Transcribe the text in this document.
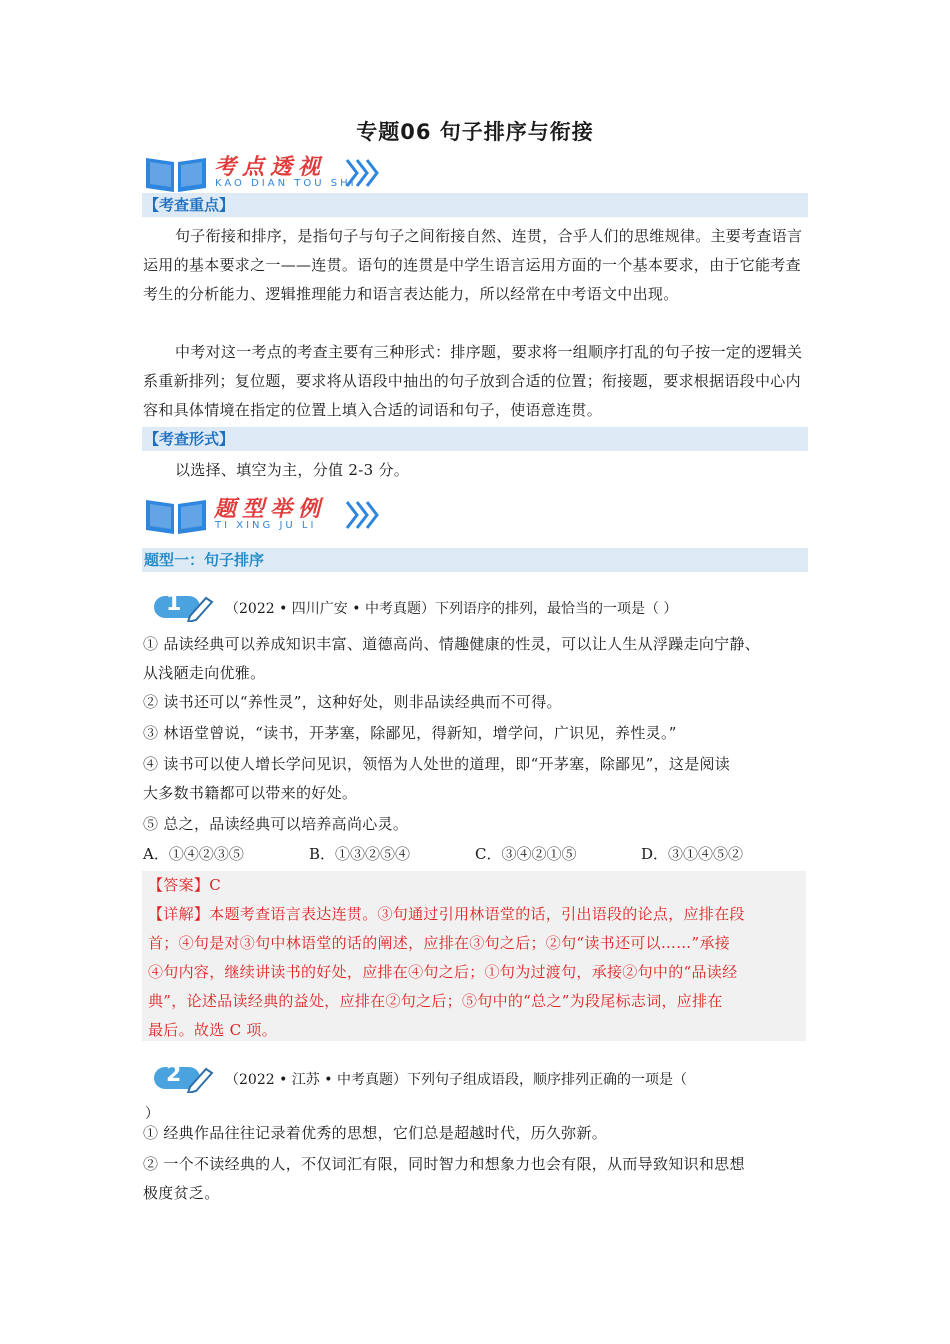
专题06 句子排序与衔接
考点透视
KAO DIAN TOU SHI
【考查重点】
句子衔接和排序，是指句子与句子之间衔接自然、连贯，合乎人们的思维规律。主要考查语言运用的基本要求之一——连贯。语句的连贯是中学生语言运用方面的一个基本要求，由于它能考查考生的分析能力、逻辑推理能力和语言表达能力，所以经常在中考语文中出现。
中考对这一考点的考查主要有三种形式：排序题，要求将一组顺序打乱的句子按一定的逻辑关系重新排列；复位题，要求将从语段中抽出的句子放到合适的位置；衔接题，要求根据语段中心内容和具体情境在指定的位置上填入合适的词语和句子，使语意连贯。
【考查形式】
以选择、填空为主，分值 2-3 分。
题型举例
TI XING JU LI
题型一：句子排序
1	（2022 • 四川广安 • 中考真题）下列语序的排列，最恰当的一项是（ ）
① 品读经典可以养成知识丰富、道德高尚、情趣健康的性灵，可以让人生从浮躁走向宁静、
从浅陋走向优雅。
② 读书还可以“养性灵”，这种好处，则非品读经典而不可得。
③ 林语堂曾说，“读书，开茅塞，除鄙见，得新知，增学问，广识见，养性灵。”
④ 读书可以使人增长学问见识，领悟为人处世的道理，即“开茅塞，除鄙见”，这是阅读
大多数书籍都可以带来的好处。
⑤ 总之，品读经典可以培养高尚心灵。
A．①④②③⑤	B．①③②⑤④	C．③④②①⑤	D．③①④⑤②
【答案】C
【详解】本题考查语言表达连贯。③句通过引用林语堂的话，引出语段的论点，应排在段
首；④句是对③句中林语堂的话的阐述，应排在③句之后；②句“读书还可以……”承接
④句内容，继续讲读书的好处，应排在④句之后；①句为过渡句，承接②句中的“品读经
典”，论述品读经典的益处，应排在②句之后；⑤句中的“总之”为段尾标志词，应排在
最后。故选 C 项。
2	（2022 • 江苏 • 中考真题）下列句子组成语段，顺序排列正确的一项是（
）
① 经典作品往往记录着优秀的思想，它们总是超越时代，历久弥新。
② 一个不读经典的人，不仅词汇有限，同时智力和想象力也会有限，从而导致知识和思想
极度贫乏。
